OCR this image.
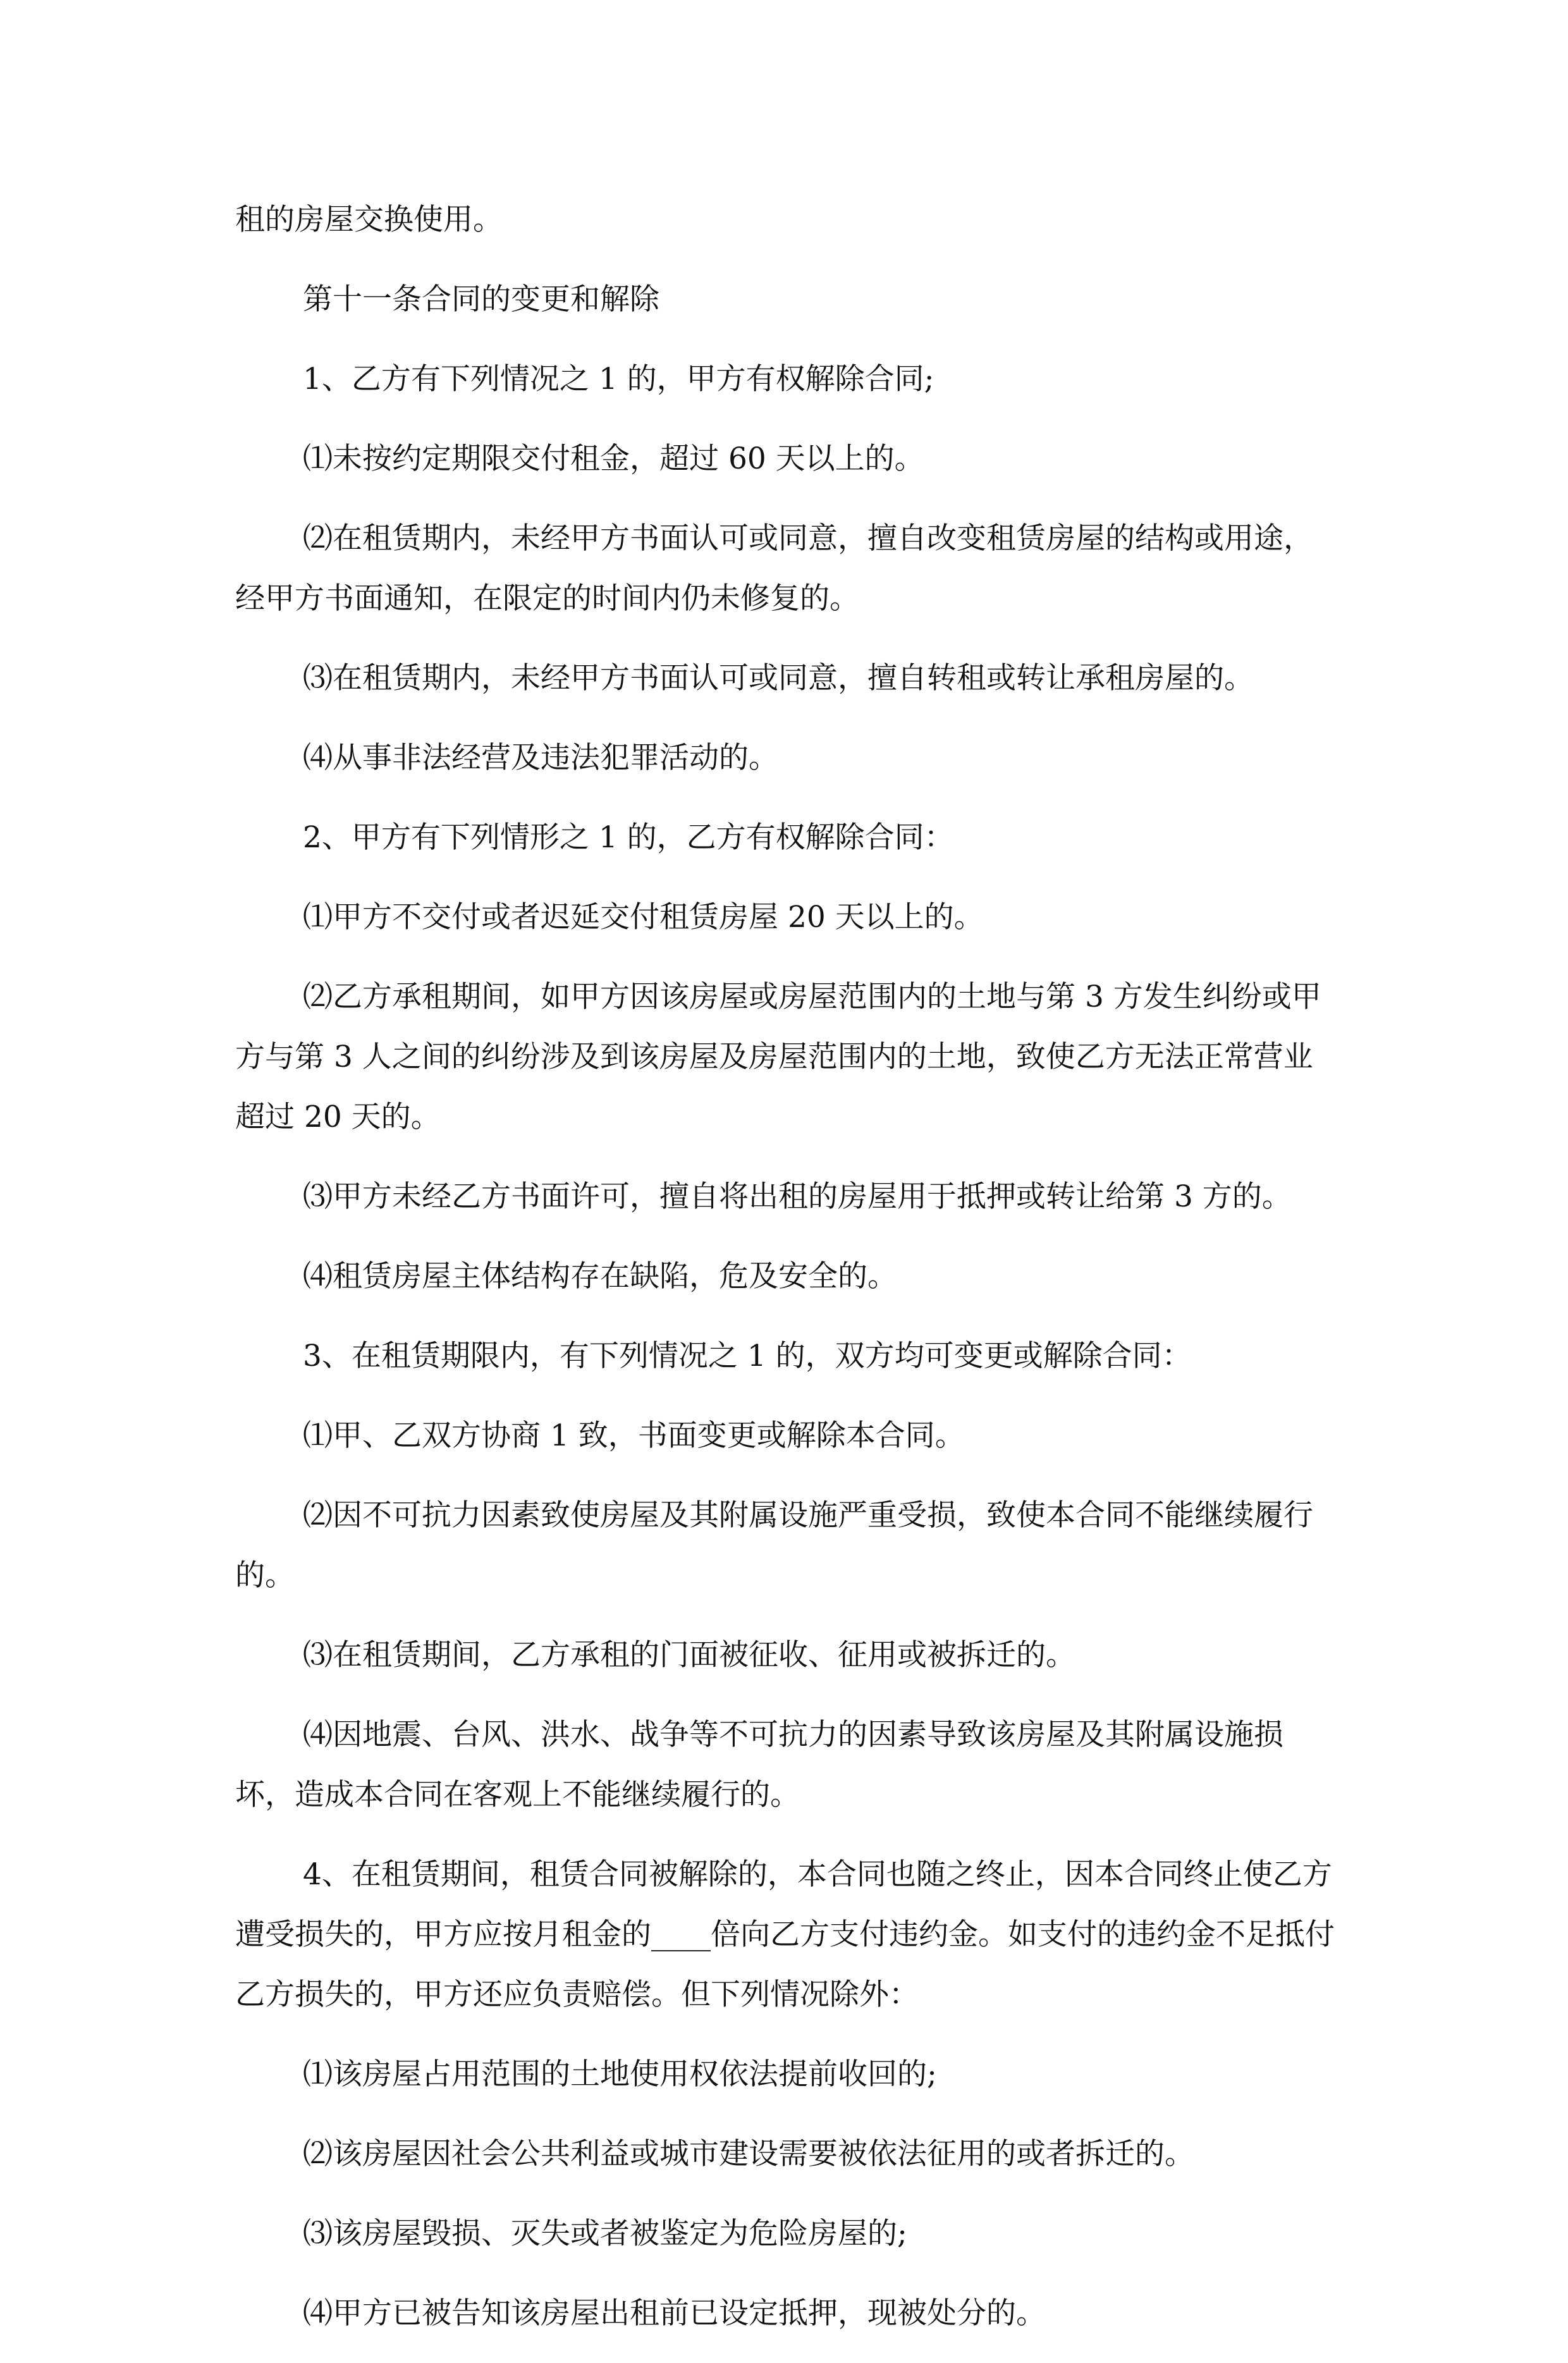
租的房屋交换使用。

第十一条合同的变更和解除

1、乙方有下列情况之 1 的，甲方有权解除合同;

⑴未按约定期限交付租金，超过 60 天以上的。

⑵在租赁期内，未经甲方书面认可或同意，擅自改变租赁房屋的结构或用途，经甲方书面通知，在限定的时间内仍未修复的。

⑶在租赁期内，未经甲方书面认可或同意，擅自转租或转让承租房屋的。

⑷从事非法经营及违法犯罪活动的。

2、甲方有下列情形之 1 的，乙方有权解除合同：

⑴甲方不交付或者迟延交付租赁房屋 20 天以上的。

⑵乙方承租期间，如甲方因该房屋或房屋范围内的土地与第 3 方发生纠纷或甲方与第 3 人之间的纠纷涉及到该房屋及房屋范围内的土地，致使乙方无法正常营业超过 20 天的。

⑶甲方未经乙方书面许可，擅自将出租的房屋用于抵押或转让给第 3 方的。

⑷租赁房屋主体结构存在缺陷，危及安全的。

3、在租赁期限内，有下列情况之 1 的，双方均可变更或解除合同：

⑴甲、乙双方协商 1 致，书面变更或解除本合同。

⑵因不可抗力因素致使房屋及其附属设施严重受损，致使本合同不能继续履行的。

⑶在租赁期间，乙方承租的门面被征收、征用或被拆迁的。

⑷因地震、台风、洪水、战争等不可抗力的因素导致该房屋及其附属设施损坏，造成本合同在客观上不能继续履行的。

4、在租赁期间，租赁合同被解除的，本合同也随之终止，因本合同终止使乙方遭受损失的，甲方应按月租金的____倍向乙方支付违约金。如支付的违约金不足抵付乙方损失的，甲方还应负责赔偿。但下列情况除外：

⑴该房屋占用范围的土地使用权依法提前收回的;

⑵该房屋因社会公共利益或城市建设需要被依法征用的或者拆迁的。

⑶该房屋毁损、灭失或者被鉴定为危险房屋的;

⑷甲方已被告知该房屋出租前已设定抵押，现被处分的。
